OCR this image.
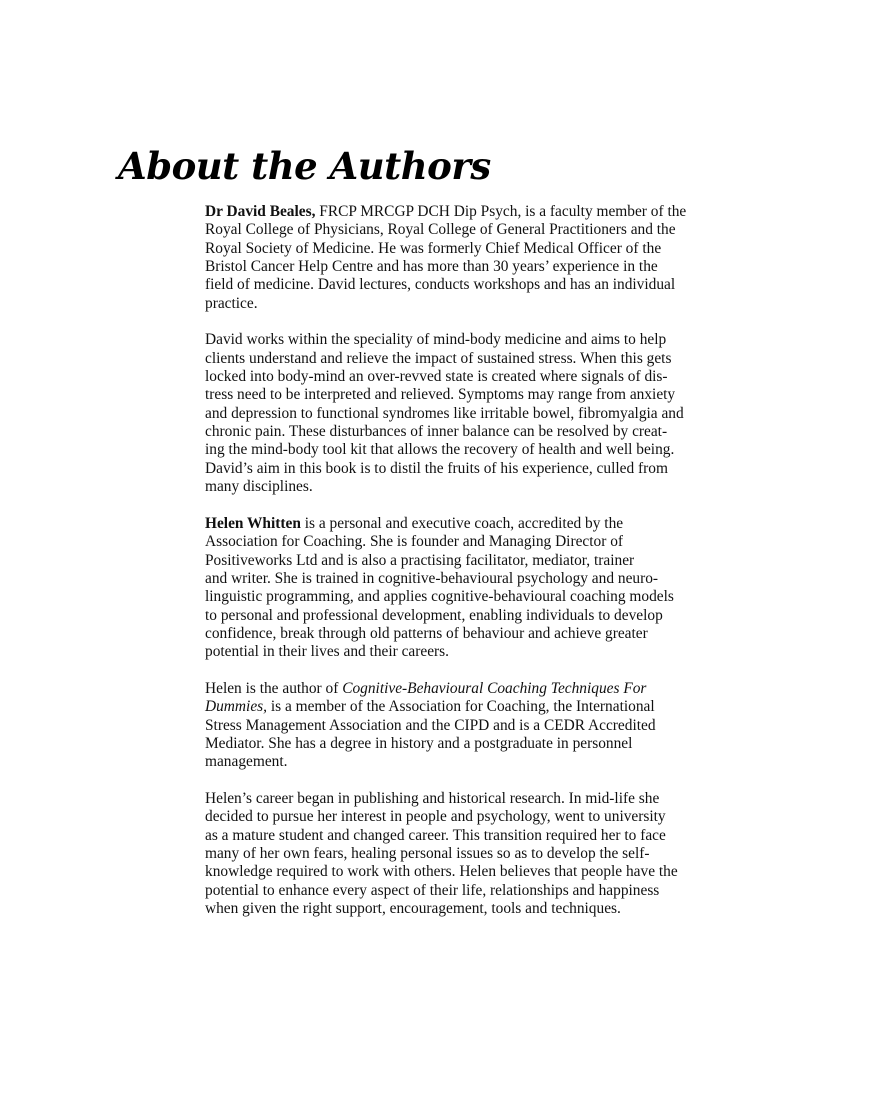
About the Authors

Dr David Beales, FRCP MRCGP DCH Dip Psych, is a faculty member of the
Royal College of Physicians, Royal College of General Practitioners and the
Royal Society of Medicine. He was formerly Chief Medical Officer of the
Bristol Cancer Help Centre and has more than 30 years’ experience in the
field of medicine. David lectures, conducts workshops and has an individual
practice.

David works within the speciality of mind-body medicine and aims to help
clients understand and relieve the impact of sustained stress. When this gets
locked into body-mind an over-revved state is created where signals of dis-
tress need to be interpreted and relieved. Symptoms may range from anxiety
and depression to functional syndromes like irritable bowel, fibromyalgia and
chronic pain. These disturbances of inner balance can be resolved by creat-
ing the mind-body tool kit that allows the recovery of health and well being.
David’s aim in this book is to distil the fruits of his experience, culled from
many disciplines.

Helen Whitten is a personal and executive coach, accredited by the
Association for Coaching. She is founder and Managing Director of
Positiveworks Ltd and is also a practising facilitator, mediator, trainer
and writer. She is trained in cognitive-behavioural psychology and neuro-
linguistic programming, and applies cognitive-behavioural coaching models
to personal and professional development, enabling individuals to develop
confidence, break through old patterns of behaviour and achieve greater
potential in their lives and their careers.

Helen is the author of Cognitive-Behavioural Coaching Techniques For
Dummies, is a member of the Association for Coaching, the International
Stress Management Association and the CIPD and is a CEDR Accredited
Mediator. She has a degree in history and a postgraduate in personnel
management.

Helen’s career began in publishing and historical research. In mid-life she
decided to pursue her interest in people and psychology, went to university
as a mature student and changed career. This transition required her to face
many of her own fears, healing personal issues so as to develop the self-
knowledge required to work with others. Helen believes that people have the
potential to enhance every aspect of their life, relationships and happiness
when given the right support, encouragement, tools and techniques.
